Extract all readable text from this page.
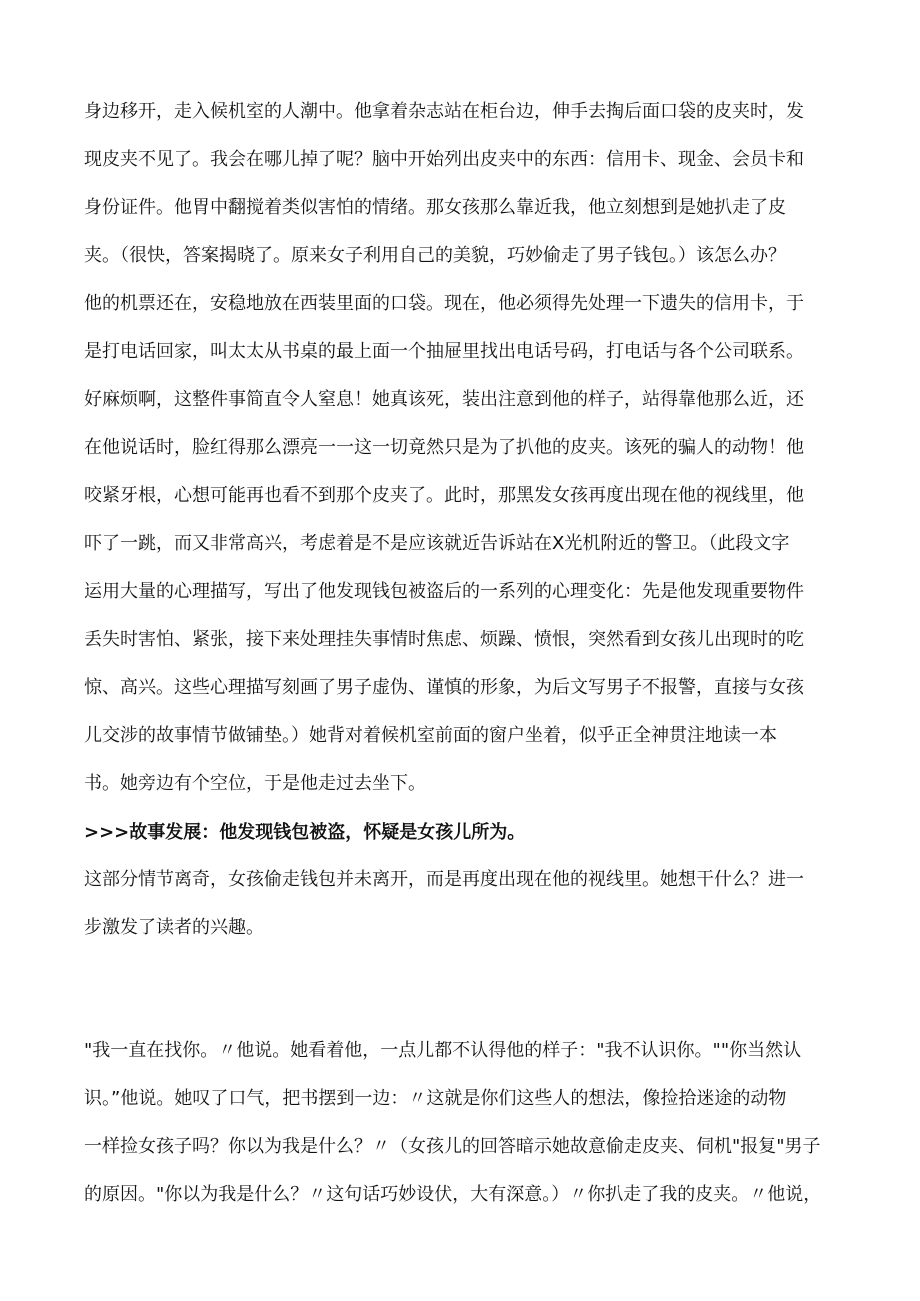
身边移开，走入候机室的人潮中。他拿着杂志站在柜台边，伸手去掏后面口袋的皮夹时，发
现皮夹不见了。我会在哪儿掉了呢？脑中开始列出皮夹中的东西：信用卡、现金、会员卡和
身份证件。他胃中翻搅着类似害怕的情绪。那女孩那么靠近我，他立刻想到是她扒走了皮
夹。（很快，答案揭晓了。原来女子利用自己的美貌，巧妙偷走了男子钱包。）该怎么办？
他的机票还在，安稳地放在西装里面的口袋。现在，他必须得先处理一下遗失的信用卡，于
是打电话回家，叫太太从书桌的最上面一个抽屉里找出电话号码，打电话与各个公司联系。
好麻烦啊，这整件事简直令人窒息！她真该死，装出注意到他的样子，站得靠他那么近，还
在他说话时，脸红得那么漂亮一一这一切竟然只是为了扒他的皮夹。该死的骗人的动物！他
咬紧牙根，心想可能再也看不到那个皮夹了。此时，那黑发女孩再度出现在他的视线里，他
吓了一跳，而又非常高兴，考虑着是不是应该就近告诉站在X光机附近的警卫。（此段文字
运用大量的心理描写，写出了他发现钱包被盗后的一系列的心理变化：先是他发现重要物件
丢失时害怕、紧张，接下来处理挂失事情时焦虑、烦躁、愤恨，突然看到女孩儿出现时的吃
惊、高兴。这些心理描写刻画了男子虚伪、谨慎的形象，为后文写男子不报警，直接与女孩
儿交涉的故事情节做铺垫。）她背对着候机室前面的窗户坐着，似乎正全神贯注地读一本
书。她旁边有个空位，于是他走过去坐下。
>>>故事发展：他发现钱包被盗，怀疑是女孩儿所为。
这部分情节离奇，女孩偷走钱包并未离开，而是再度出现在他的视线里。她想干什么？进一
步激发了读者的兴趣。
"我一直在找你。〃他说。她看着他，一点儿都不认得他的样子："我不认识你。""你当然认
识。”他说。她叹了口气，把书摆到一边：〃这就是你们这些人的想法，像捡拾迷途的动物
一样捡女孩子吗？你以为我是什么？〃（女孩儿的回答暗示她故意偷走皮夹、伺机"报复"男子
的原因。"你以为我是什么？〃这句话巧妙设伏，大有深意。）〃你扒走了我的皮夹。〃他说，
